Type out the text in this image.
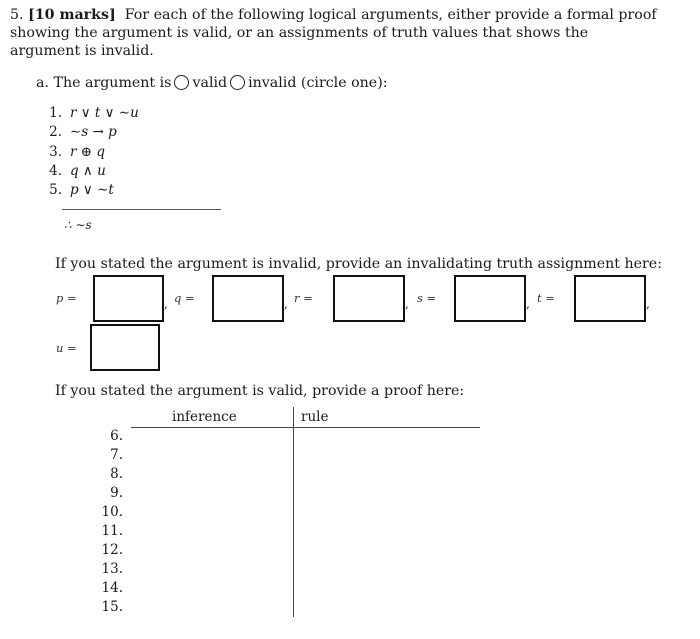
5. [10 marks] For each of the following logical arguments, either provide a formal proof showing the argument is valid, or an assignments of truth values that shows the argument is invalid.
a. The argument is valid invalid (circle one):
1. r ∨ t ∨ ∼u
2. ∼s → p
3. r ⊕ q
4. q ∧ u
5. p ∨ ∼t
∴ ∼s
If you stated the argument is invalid, provide an invalidating truth assignment here:
p =	, q =	, r =	, s =	, t =	,
u =
If you stated the argument is valid, provide a proof here:
inference	rule
6.
7.
8.
9.
10.
11.
12.
13.
14.
15.
